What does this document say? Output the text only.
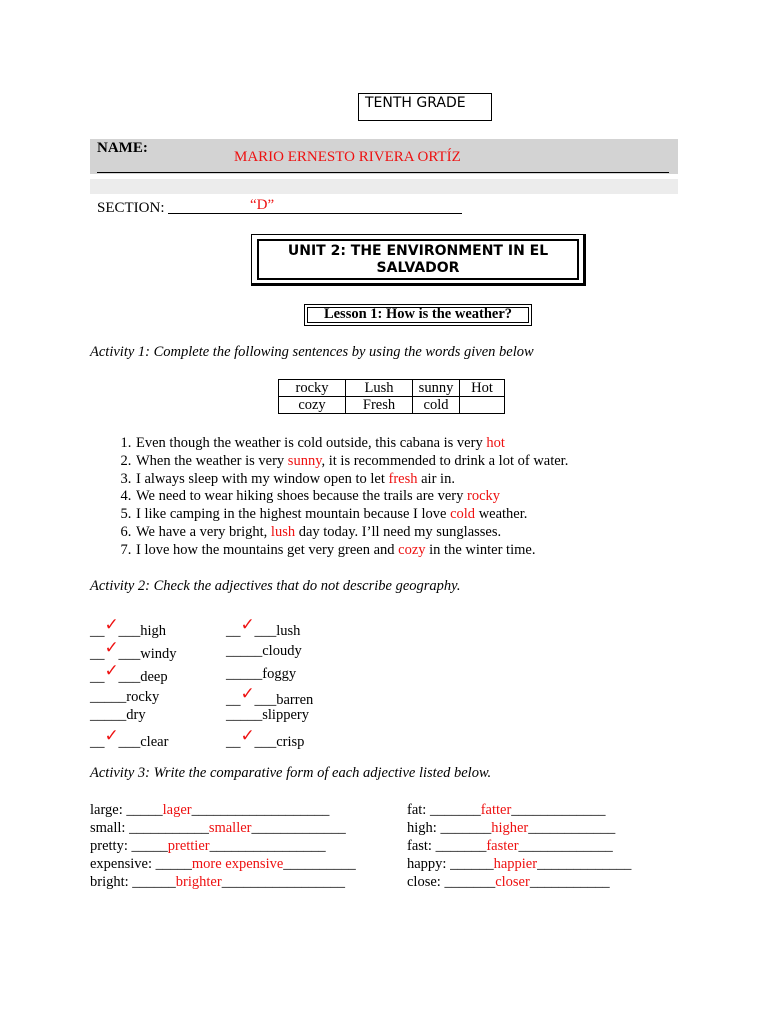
TENTH GRADE
NAME:
MARIO ERNESTO RIVERA ORTÍZ
SECTION:	“D”
UNIT 2: THE ENVIRONMENT IN EL SALVADOR
Lesson 1: How is the weather?
Activity 1: Complete the following sentences by using the words given below
rocky	Lush	sunny	Hot
cozy	Fresh	cold	
1. Even though the weather is cold outside, this cabana is very hot
2. When the weather is very sunny, it is recommended to drink a lot of water.
3. I always sleep with my window open to let fresh air in.
4. We need to wear hiking shoes because the trails are very rocky
5. I like camping in the highest mountain because I love cold weather.
6. We have a very bright, lush day today. I’ll need my sunglasses.
7. I love how the mountains get very green and cozy in the winter time.
Activity 2: Check the adjectives that do not describe geography.
__✓___high
__✓___windy
__✓___deep
_____rocky
_____dry
__✓___clear
__✓___lush
_____cloudy
_____foggy
__✓___barren
_____slippery
__✓___crisp
Activity 3: Write the comparative form of each adjective listed below.
large: _____lager___________________
small: ___________smaller_____________
pretty: _____prettier________________
expensive: _____more expensive__________
bright: ______brighter_________________
fat: _______fatter_____________
high: _______higher____________
fast: _______faster_____________
happy: ______happier_____________
close: _______closer___________
